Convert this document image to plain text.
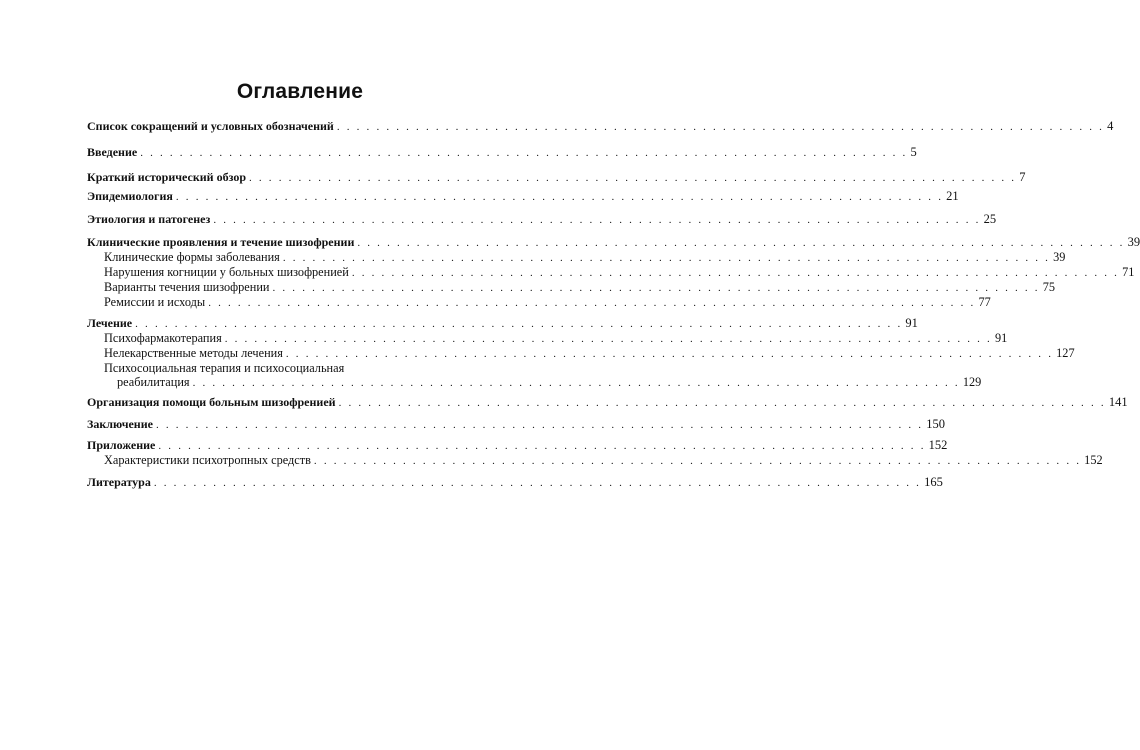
Оглавление
Список сокращений и условных обозначений . . . . . . . . . . . . . . . . . . . . . . . . . . . . . . . . . . . . . . . . . . . . . . . . . . . . . . . . . . . . . . . . . . . . . . . . . . . . . . 4
Введение . . . . . . . . . . . . . . . . . . . . . . . . . . . . . . . . . . . . . . . . . . . . . . . . . . . . . . . . . . . . . . . . . . . . . . . . . . . . . . 5
Краткий исторический обзор . . . . . . . . . . . . . . . . . . . . . . . . . . . . . . . . . . . . . . . . . . . . . . . . . . . . . . . . . . . . . . . . . . . . . . . . . . . . . . 7
Эпидемиология . . . . . . . . . . . . . . . . . . . . . . . . . . . . . . . . . . . . . . . . . . . . . . . . . . . . . . . . . . . . . . . . . . . . . . . . . . . . . . 21
Этиология и патогенез . . . . . . . . . . . . . . . . . . . . . . . . . . . . . . . . . . . . . . . . . . . . . . . . . . . . . . . . . . . . . . . . . . . . . . . . . . . . . . 25
Клинические проявления и течение шизофрении . . . . . . . . . . . . . . . . . . . . . . . . . . . . . . . . . . . . . . . . . . . . . . . . . . . . . . . . . . . . . . . . . . . . . . . . . . . . . . 39
Клинические формы заболевания . . . . . . . . . . . . . . . . . . . . . . . . . . . . . . . . . . . . . . . . . . . . . . . . . . . . . . . . . . . . . . . . . . . . . . . . . . . . . . 39
Нарушения когниции у больных шизофренией . . . . . . . . . . . . . . . . . . . . . . . . . . . . . . . . . . . . . . . . . . . . . . . . . . . . . . . . . . . . . . . . . . . . . . . . . . . . . . 71
Варианты течения шизофрении . . . . . . . . . . . . . . . . . . . . . . . . . . . . . . . . . . . . . . . . . . . . . . . . . . . . . . . . . . . . . . . . . . . . . . . . . . . . . . 75
Ремиссии и исходы . . . . . . . . . . . . . . . . . . . . . . . . . . . . . . . . . . . . . . . . . . . . . . . . . . . . . . . . . . . . . . . . . . . . . . . . . . . . . . 77
Лечение . . . . . . . . . . . . . . . . . . . . . . . . . . . . . . . . . . . . . . . . . . . . . . . . . . . . . . . . . . . . . . . . . . . . . . . . . . . . . . 91
Психофармакотерапия . . . . . . . . . . . . . . . . . . . . . . . . . . . . . . . . . . . . . . . . . . . . . . . . . . . . . . . . . . . . . . . . . . . . . . . . . . . . . . 91
Нелекарственные методы лечения . . . . . . . . . . . . . . . . . . . . . . . . . . . . . . . . . . . . . . . . . . . . . . . . . . . . . . . . . . . . . . . . . . . . . . . . . . . . . . 127
Психосоциальная терапия и психосоциальная
реабилитация . . . . . . . . . . . . . . . . . . . . . . . . . . . . . . . . . . . . . . . . . . . . . . . . . . . . . . . . . . . . . . . . . . . . . . . . . . . . . . 129
Организация помощи больным шизофренией . . . . . . . . . . . . . . . . . . . . . . . . . . . . . . . . . . . . . . . . . . . . . . . . . . . . . . . . . . . . . . . . . . . . . . . . . . . . . . 141
Заключение . . . . . . . . . . . . . . . . . . . . . . . . . . . . . . . . . . . . . . . . . . . . . . . . . . . . . . . . . . . . . . . . . . . . . . . . . . . . . . 150
Приложение . . . . . . . . . . . . . . . . . . . . . . . . . . . . . . . . . . . . . . . . . . . . . . . . . . . . . . . . . . . . . . . . . . . . . . . . . . . . . . 152
Характеристики психотропных средств . . . . . . . . . . . . . . . . . . . . . . . . . . . . . . . . . . . . . . . . . . . . . . . . . . . . . . . . . . . . . . . . . . . . . . . . . . . . . . 152
Литература . . . . . . . . . . . . . . . . . . . . . . . . . . . . . . . . . . . . . . . . . . . . . . . . . . . . . . . . . . . . . . . . . . . . . . . . . . . . . . 165
